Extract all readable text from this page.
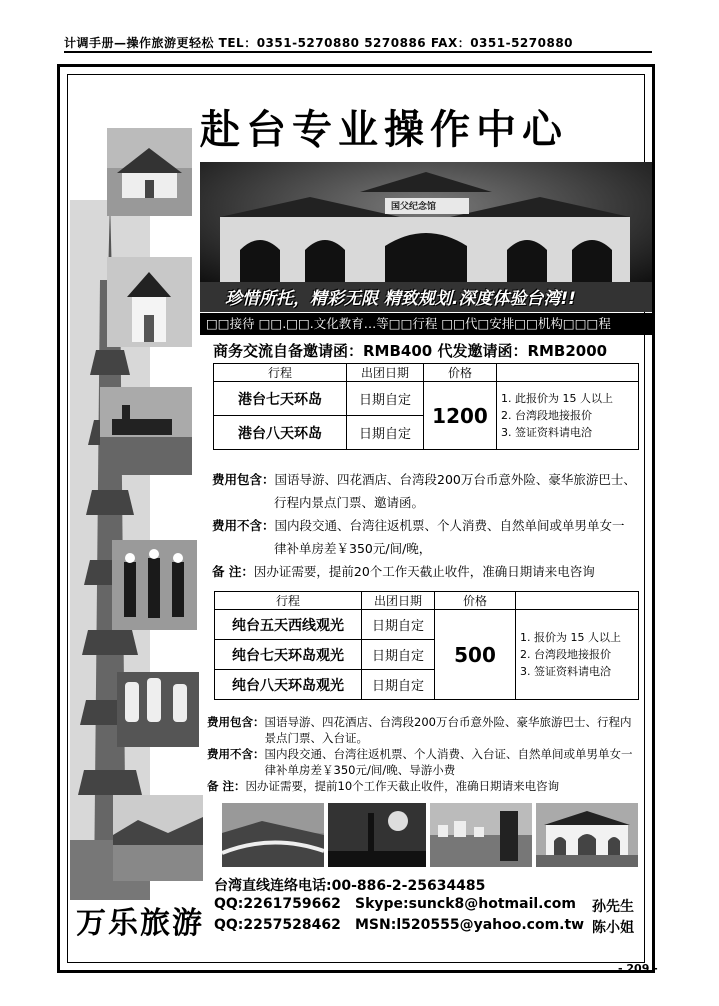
计调手册—操作旅游更轻松 TEL：0351-5270880 5270886 FAX：0351-5270880
赴台专业操作中心
国父纪念馆
珍惜所托，精彩无限 精致规划.深度体验台湾!!
□□接待 □□.□□.文化教育…等□□行程 □□代□安排□□机构□□□程
商务交流自备邀请函：RMB400 代发邀请函：RMB2000
行程	出团日期	价格	
港台七天环岛	日期自定	1200	1. 此报价为 15 人以上
2. 台湾段地接报价
3. 签证资料请电洽

港台八天环岛	日期自定		
费用包含：国语导游、四花酒店、台湾段200万台币意外险、豪华旅游巴士、
行程内景点门票、邀请函。
费用不含：国内段交通、台湾往返机票、个人消费、自然单间或单男单女一
律补单房差￥350元/间/晚，
备 注：因办证需要，提前20个工作天截止收件，准确日期请来电咨询
行程	出团日期	价格	
纯台五天西线观光	日期自定	500	1. 报价为 15 人以上
2. 台湾段地接报价
3. 签证资料请电洽

纯台七天环岛观光	日期自定		
纯台八天环岛观光	日期自定		
费用包含： 国语导游、四花酒店、台湾段200万台币意外险、豪华旅游巴士、行程内景点门票、入台证。
费用不含： 国内段交通、台湾往返机票、个人消费、入台证、自然单间或单男单女一律补单房差￥350元/间/晚、导游小费
备 注： 因办证需要，提前10个工作天截止收件，准确日期请来电咨询
台湾直线连络电话:00-886-2-25634485
QQ:2261759662 Skype:sunck8@hotmail.com 孙先生
QQ:2257528462 MSN:l520555@yahoo.com.tw 陈小姐
万乐旅游
- 209 -
